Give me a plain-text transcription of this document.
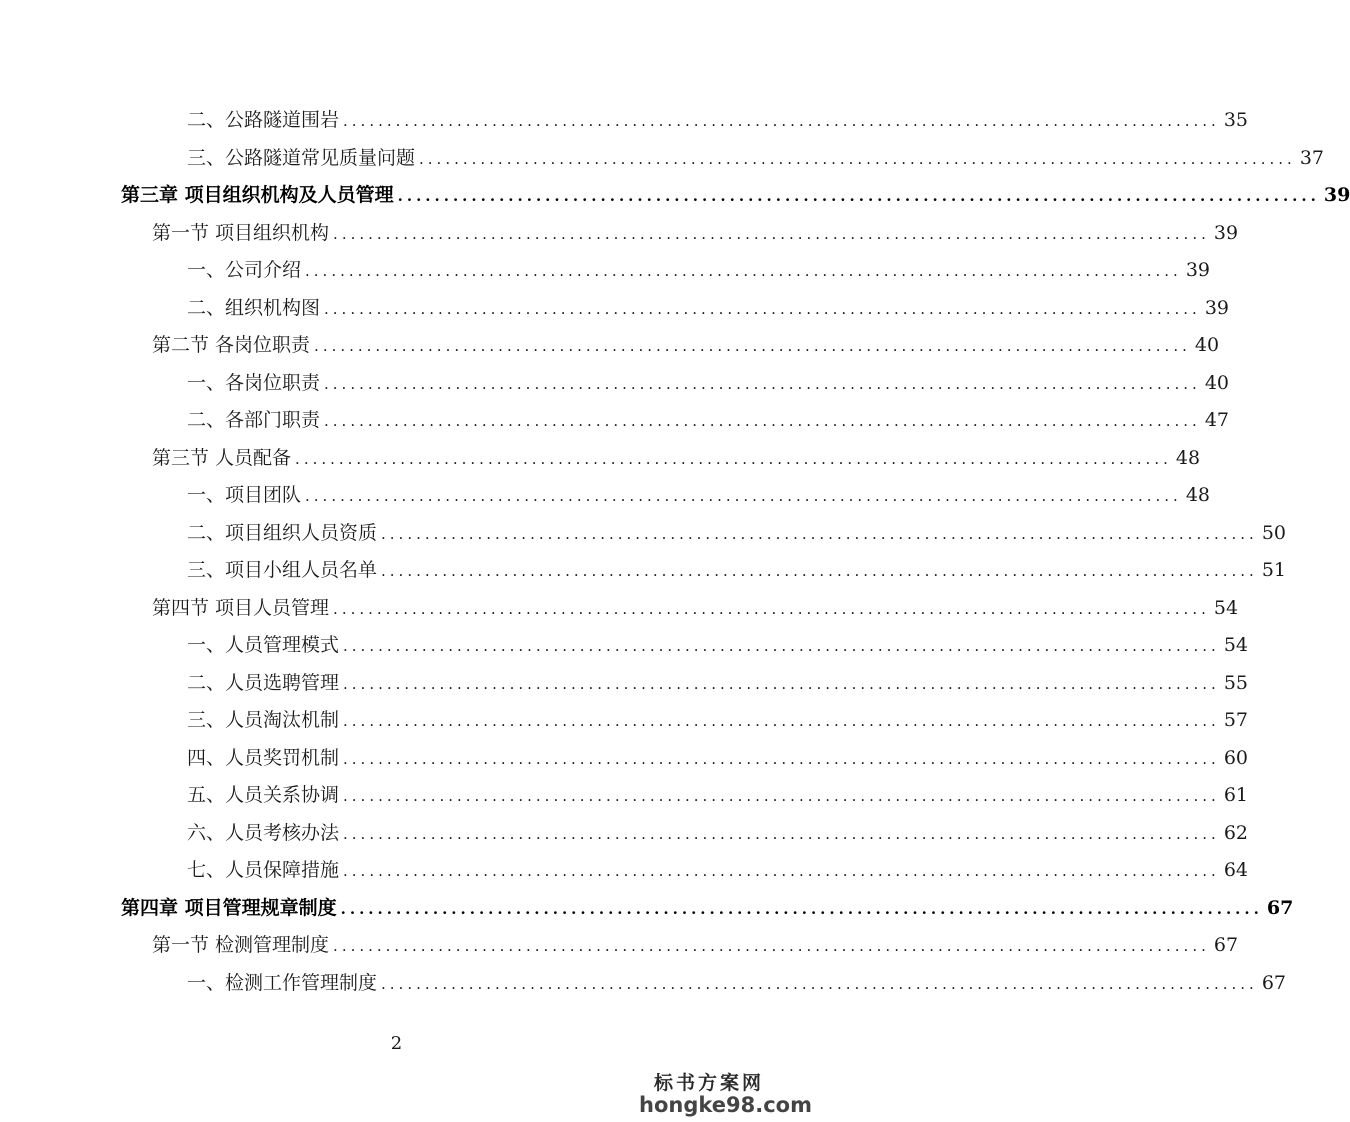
二、公路隧道围岩 .................................................................................................... 35
三、公路隧道常见质量问题 .................................................................................................... 37
第三章 项目组织机构及人员管理 .................................................................................................... 39
第一节 项目组织机构 .................................................................................................... 39
一、公司介绍 .................................................................................................... 39
二、组织机构图 .................................................................................................... 39
第二节 各岗位职责 .................................................................................................... 40
一、各岗位职责 .................................................................................................... 40
二、各部门职责 .................................................................................................... 47
第三节 人员配备 .................................................................................................... 48
一、项目团队 .................................................................................................... 48
二、项目组织人员资质 .................................................................................................... 50
三、项目小组人员名单 .................................................................................................... 51
第四节 项目人员管理 .................................................................................................... 54
一、人员管理模式 .................................................................................................... 54
二、人员选聘管理 .................................................................................................... 55
三、人员淘汰机制 .................................................................................................... 57
四、人员奖罚机制 .................................................................................................... 60
五、人员关系协调 .................................................................................................... 61
六、人员考核办法 .................................................................................................... 62
七、人员保障措施 .................................................................................................... 64
第四章 项目管理规章制度 .................................................................................................... 67
第一节 检测管理制度 .................................................................................................... 67
一、检测工作管理制度 .................................................................................................... 67
2
标书方案网
hongke98.com
